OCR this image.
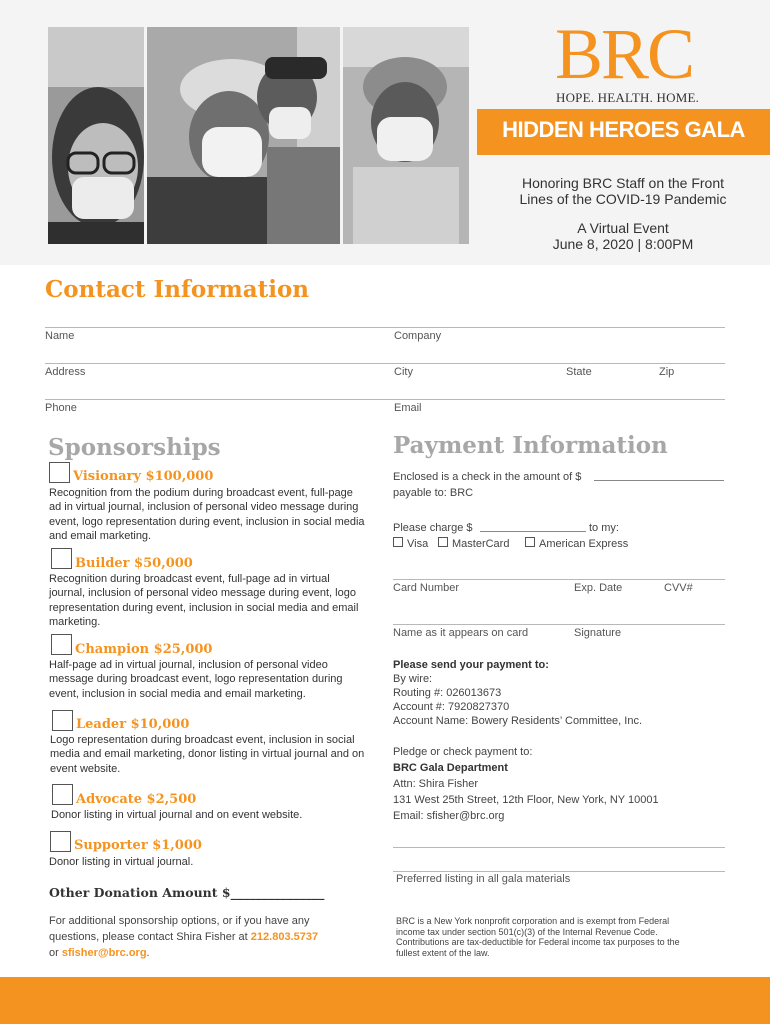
BRC
HOPE. HEALTH. HOME.
HIDDEN HEROES GALA
Honoring BRC Staff on the Front
Lines of the COVID-19 Pandemic
A Virtual Event
June 8, 2020 | 8:00PM
Contact Information
Name	Company
Address	City	State	Zip
Phone	Email
Sponsorships
Visionary $100,000
Recognition from the podium during broadcast event, full-page
ad in virtual journal, inclusion of personal video message during
event, logo representation during event, inclusion in social media
and email marketing.
Builder $50,000
Recognition during broadcast event, full-page ad in virtual
journal, inclusion of personal video message during event, logo
representation during event, inclusion in social media and email
marketing.
Champion $25,000
Half-page ad in virtual journal, inclusion of personal video
message during broadcast event, logo representation during
event, inclusion in social media and email marketing.
Leader $10,000
Logo representation during broadcast event, inclusion in social
media and email marketing, donor listing in virtual journal and on
event website.
Advocate $2,500
Donor listing in virtual journal and on event website.
Supporter $1,000
Donor listing in virtual journal.
Other Donation Amount $_______________
For additional sponsorship options, or if you have any
questions, please contact Shira Fisher at 212.803.5737
or sfisher@brc.org.
Payment Information
Enclosed is a check in the amount of $
payable to: BRC
Please charge $	to my:
Visa	MasterCard	American Express
Card Number	Exp. Date	CVV#
Name as it appears on card	Signature
Please send your payment to:
By wire:
Routing #: 026013673
Account #: 7920827370
Account Name: Bowery Residents’ Committee, Inc.
Pledge or check payment to:
BRC Gala Department
Attn: Shira Fisher
131 West 25th Street, 12th Floor, New York, NY 10001
Email: sfisher@brc.org
Preferred listing in all gala materials
BRC is a New York nonprofit corporation and is exempt from Federal
income tax under section 501(c)(3) of the Internal Revenue Code.
Contributions are tax-deductible for Federal income tax purposes to the
fullest extent of the law.
